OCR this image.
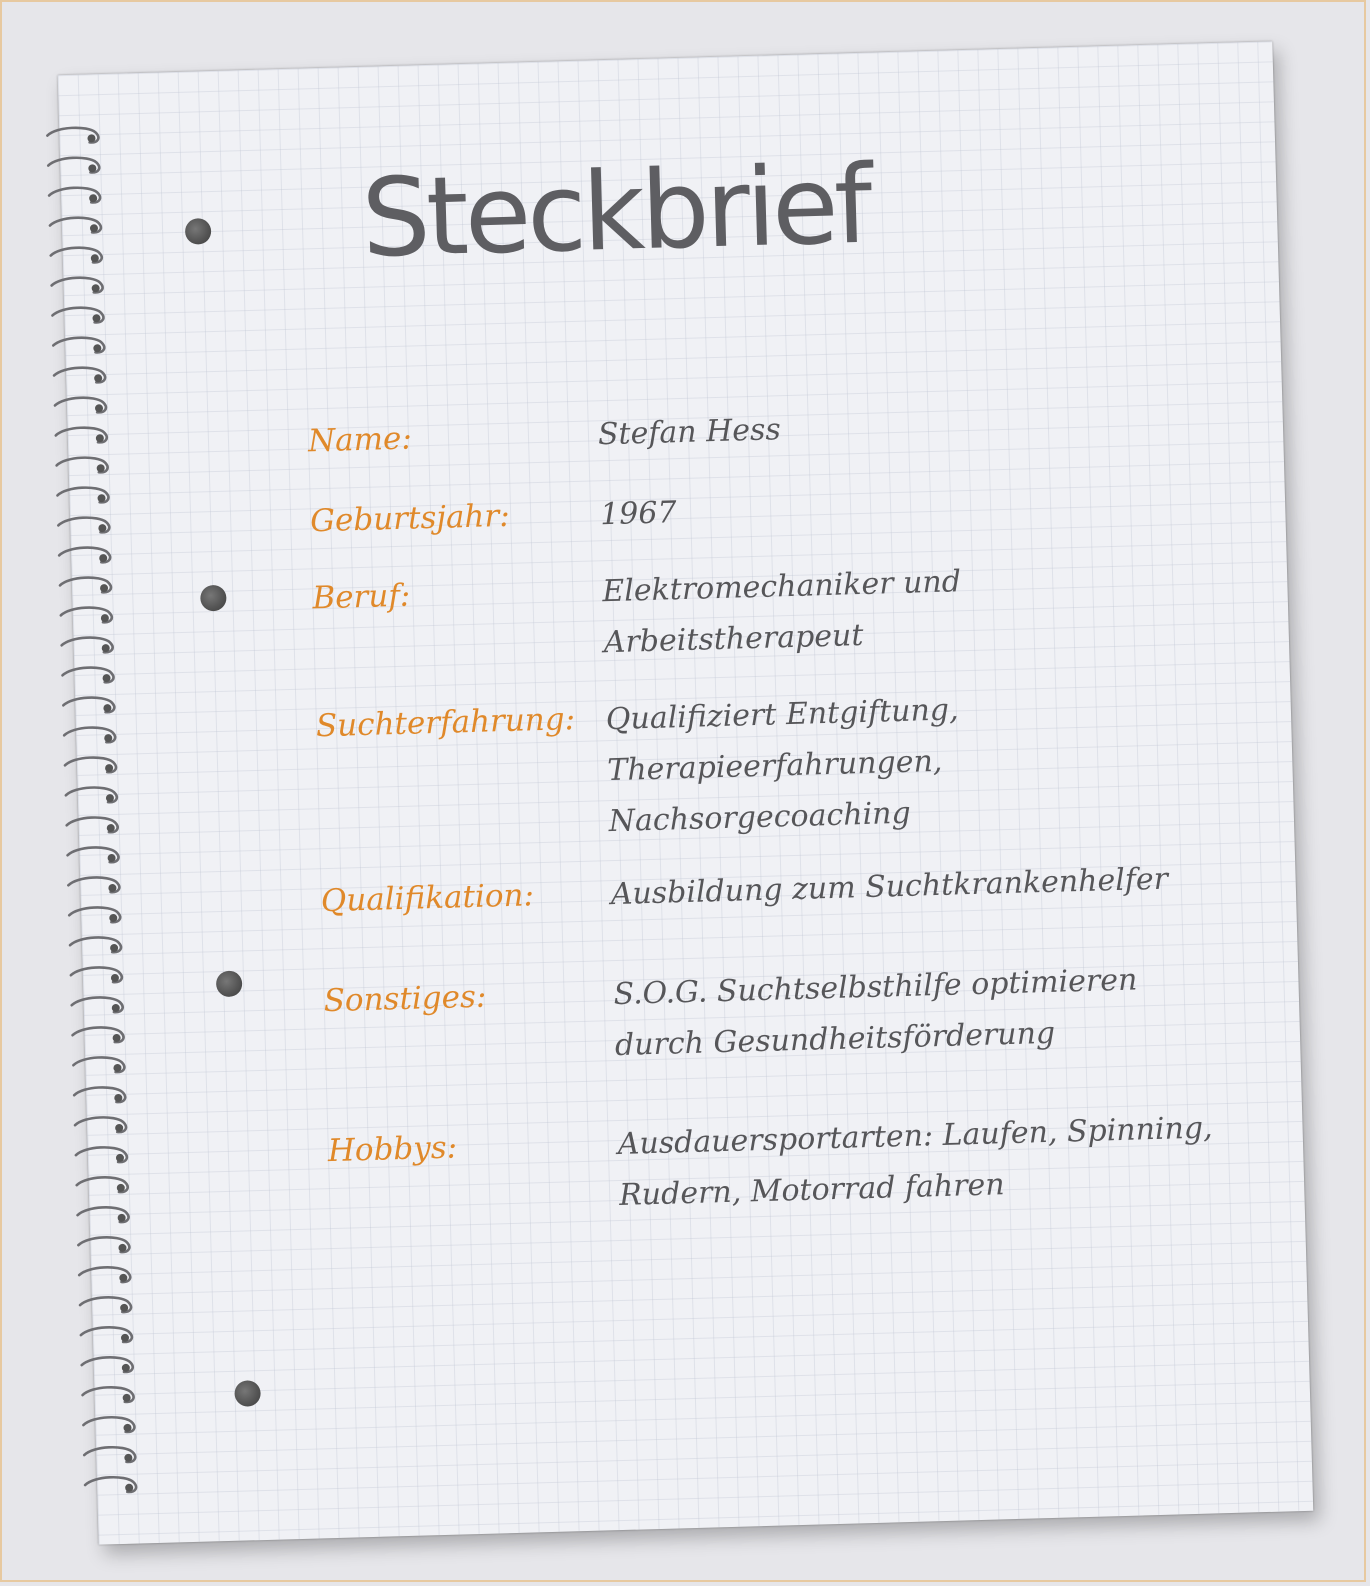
Steckbrief
Name:	Stefan Hess
Geburtsjahr:	1967
Beruf:	Elektromechaniker und
Arbeitstherapeut
Suchterfahrung: Qualifiziert Entgiftung,
Therapieerfahrungen,
Nachsorgecoaching
Qualifikation:	Ausbildung zum Suchtkrankenhelfer
Sonstiges:	S.O.G. Suchtselbsthilfe optimieren
durch Gesundheitsförderung
Hobbys:	Ausdauersportarten: Laufen, Spinning,
Rudern, Motorrad fahren
